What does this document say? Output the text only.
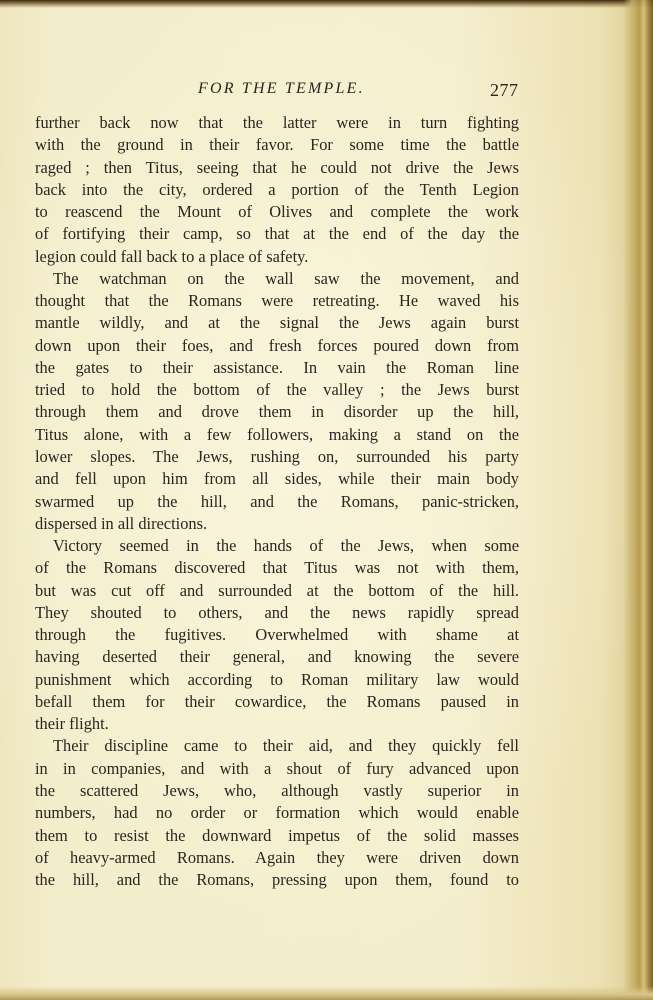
FOR THE TEMPLE.	277
further back now that the latter were in turn fighting
with the ground in their favor. For some time the battle
raged ; then Titus, seeing that he could not drive the Jews
back into the city, ordered a portion of the Tenth Legion
to reascend the Mount of Olives and complete the work
of fortifying their camp, so that at the end of the day the
legion could fall back to a place of safety.
The watchman on the wall saw the movement, and
thought that the Romans were retreating. He waved his
mantle wildly, and at the signal the Jews again burst
down upon their foes, and fresh forces poured down from
the gates to their assistance. In vain the Roman line
tried to hold the bottom of the valley ; the Jews burst
through them and drove them in disorder up the hill,
Titus alone, with a few followers, making a stand on the
lower slopes. The Jews, rushing on, surrounded his party
and fell upon him from all sides, while their main body
swarmed up the hill, and the Romans, panic-stricken,
dispersed in all directions.
Victory seemed in the hands of the Jews, when some
of the Romans discovered that Titus was not with them,
but was cut off and surrounded at the bottom of the hill.
They shouted to others, and the news rapidly spread
through the fugitives. Overwhelmed with shame at
having deserted their general, and knowing the severe
punishment which according to Roman military law would
befall them for their cowardice, the Romans paused in
their flight.
Their discipline came to their aid, and they quickly fell
in in companies, and with a shout of fury advanced upon
the scattered Jews, who, although vastly superior in
numbers, had no order or formation which would enable
them to resist the downward impetus of the solid masses
of heavy-armed Romans. Again they were driven down
the hill, and the Romans, pressing upon them, found to
